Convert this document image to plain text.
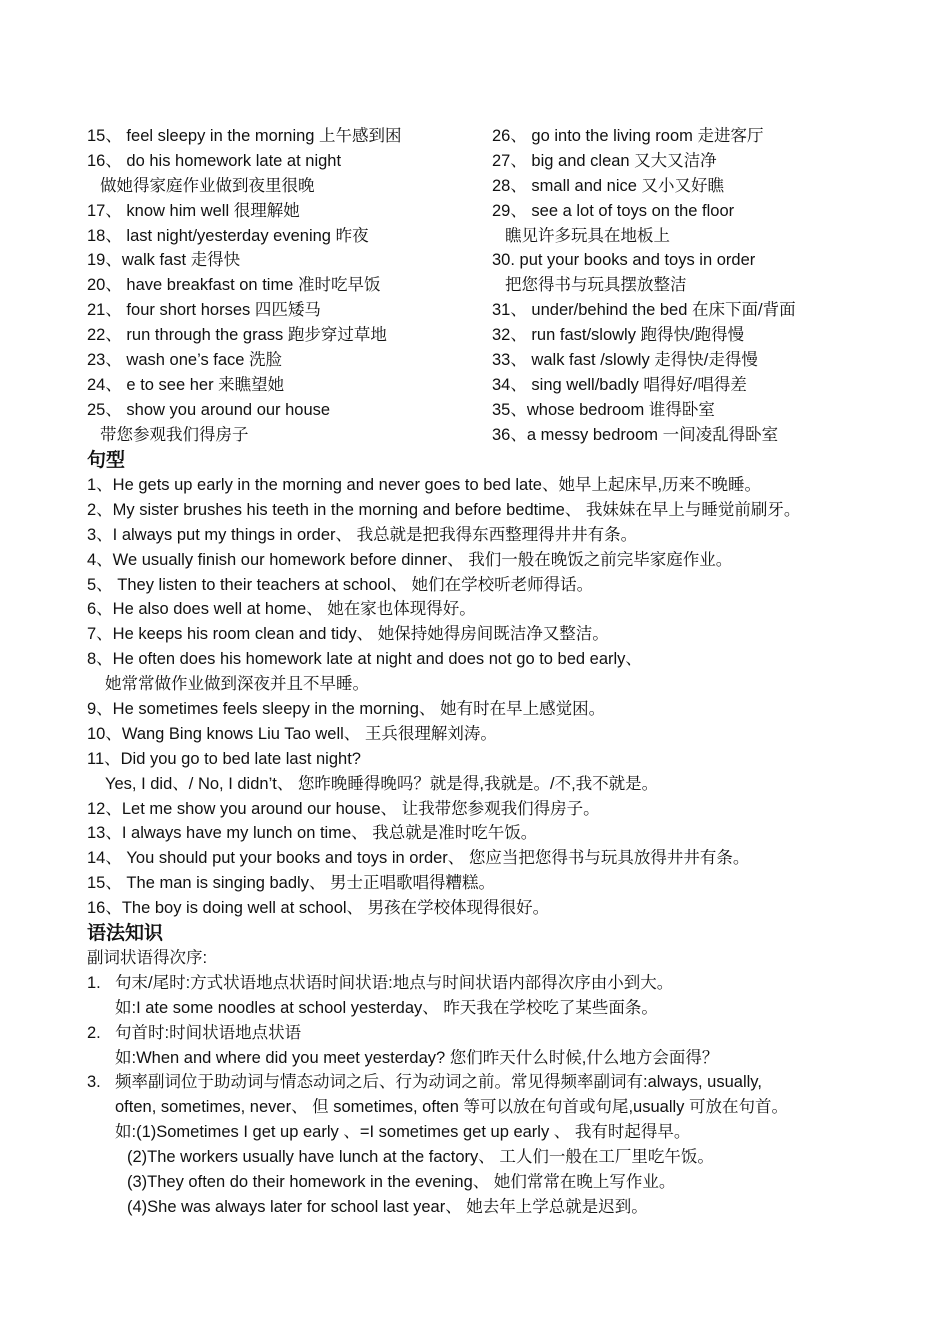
15、 feel sleepy in the morning 上午感到困
16、 do his homework late at night
做她得家庭作业做到夜里很晚
17、 know him well 很理解她
18、 last night/yesterday evening 昨夜
19、walk fast 走得快
20、 have breakfast on time 准时吃早饭
21、 four short horses 四匹矮马
22、 run through the grass 跑步穿过草地
23、 wash one’s face 洗脸
24、 e to see her 来瞧望她
25、 show you around our house
带您参观我们得房子
26、 go into the living room 走进客厅
27、 big and clean 又大又洁净
28、 small and nice 又小又好瞧
29、 see a lot of toys on the floor
瞧见许多玩具在地板上
30. put your books and toys in order
把您得书与玩具摆放整洁
31、 under/behind the bed 在床下面/背面
32、 run fast/slowly 跑得快/跑得慢
33、 walk fast /slowly 走得快/走得慢
34、 sing well/badly 唱得好/唱得差
35、whose bedroom 谁得卧室
36、a messy bedroom 一间凌乱得卧室
句型
1、He gets up early in the morning and never goes to bed late、她早上起床早,历来不晚睡。
2、My sister brushes his teeth in the morning and before bedtime、 我妹妹在早上与睡觉前刷牙。
3、I always put my things in order、 我总就是把我得东西整理得井井有条。
4、We usually finish our homework before dinner、 我们一般在晚饭之前完毕家庭作业。
5、 They listen to their teachers at school、 她们在学校听老师得话。
6、He also does well at home、 她在家也体现得好。
7、He keeps his room clean and tidy、 她保持她得房间既洁净又整洁。
8、He often does his homework late at night and does not go to bed early、
她常常做作业做到深夜并且不早睡。
9、He sometimes feels sleepy in the morning、 她有时在早上感觉困。
10、Wang Bing knows Liu Tao well、 王兵很理解刘涛。
11、Did you go to bed late last night?
Yes, I did、/ No, I didn’t、 您昨晚睡得晚吗？就是得,我就是。/不,我不就是。
12、Let me show you around our house、 让我带您参观我们得房子。
13、I always have my lunch on time、 我总就是准时吃午饭。
14、 You should put your books and toys in order、 您应当把您得书与玩具放得井井有条。
15、 The man is singing badly、 男士正唱歌唱得糟糕。
16、The boy is doing well at school、 男孩在学校体现得很好。
语法知识
副词状语得次序:
1. 句末/尾时:方式状语地点状语时间状语:地点与时间状语内部得次序由小到大。
如:I ate some noodles at school yesterday、 昨天我在学校吃了某些面条。
2. 句首时:时间状语地点状语
如:When and where did you meet yesterday? 您们昨天什么时候,什么地方会面得？
3. 频率副词位于助动词与情态动词之后、行为动词之前。常见得频率副词有:always, usually,
often, sometimes, never、 但 sometimes, often 等可以放在句首或句尾,usually 可放在句首。
如:(1)Sometimes I get up early 、=I sometimes get up early 、 我有时起得早。
(2)The workers usually have lunch at the factory、 工人们一般在工厂里吃午饭。
(3)They often do their homework in the evening、 她们常常在晚上写作业。
(4)She was always later for school last year、 她去年上学总就是迟到。
